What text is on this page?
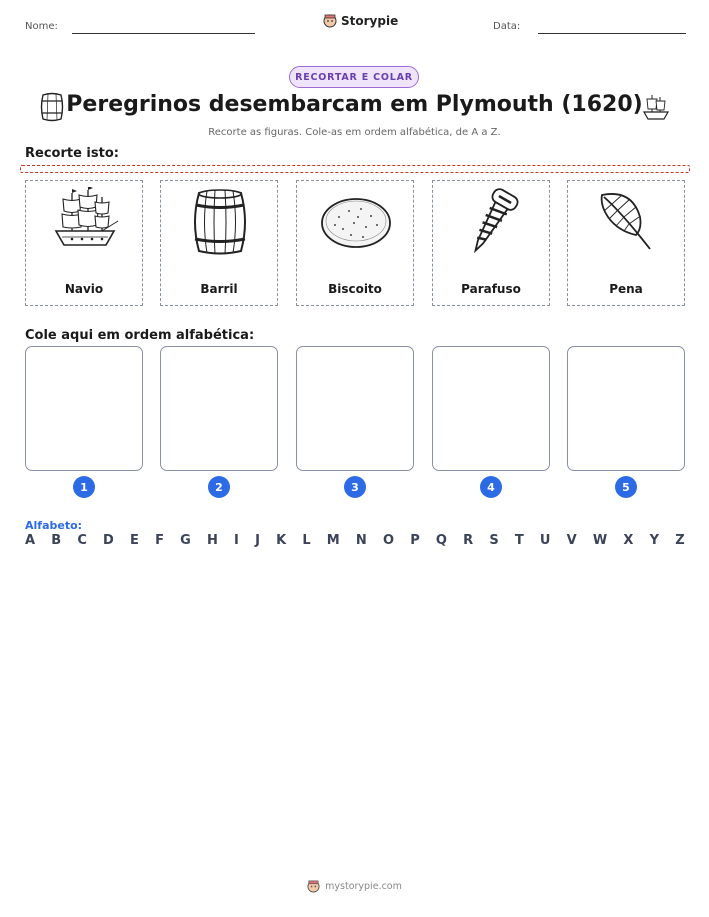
Nome:	Storypie	Data:
RECORTAR E COLAR
Peregrinos desembarcam em Plymouth (1620)
Recorte as figuras. Cole-as em ordem alfabética, de A a Z.
Recorte isto:
Navio	Barril	Biscoito	Parafuso	Pena
Cole aqui em ordem alfabética:
1	2	3	4	5
Alfabeto:
A B C D E F G H I J K L M N O P Q R S T U V W X Y Z
mystorypie.com
